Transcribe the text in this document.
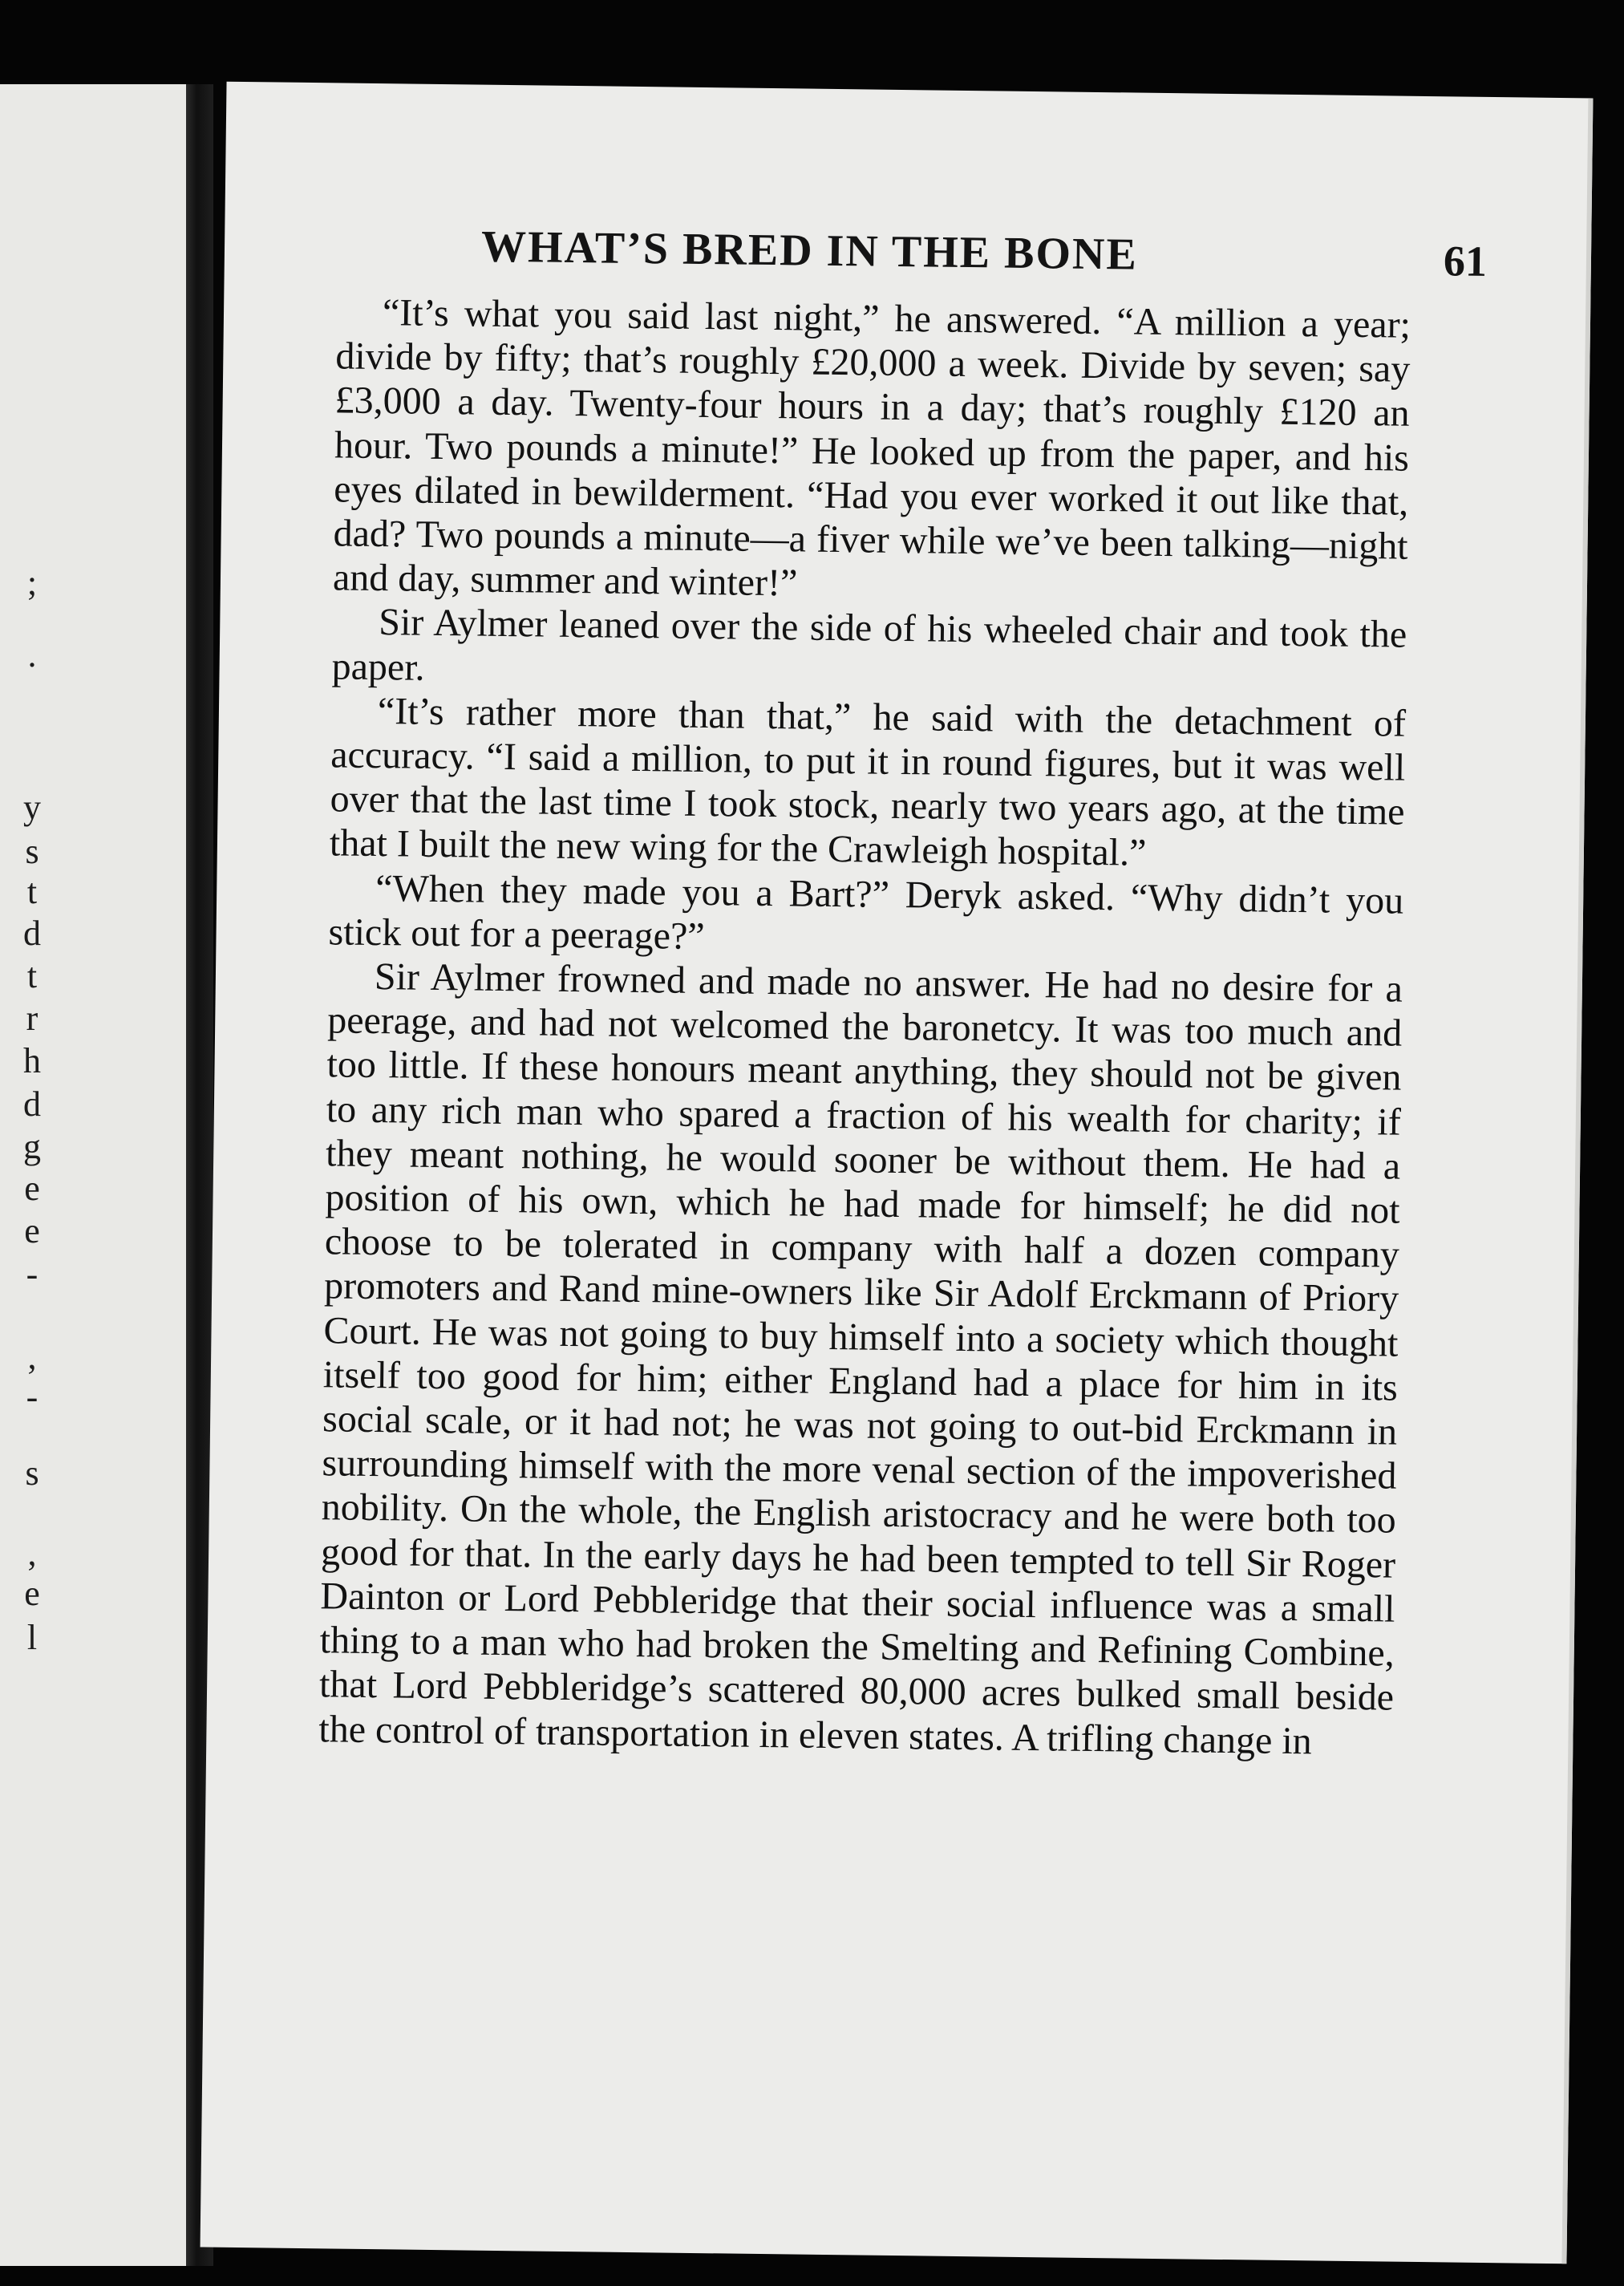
;
.
y
s
t
d
t
r
h
d
g
e
e
-
,
-
s
,
e
l
WHAT’S BRED IN THE BONE	61

“It’s what you said last night,” he answered. “A million a year; divide by fifty; that’s roughly £20,000 a week. Divide by seven; say £3,000 a day. Twenty-four hours in a day; that’s roughly £120 an hour. Two pounds a minute!” He looked up from the paper, and his eyes dilated in bewilderment. “Had you ever worked it out like that, dad? Two pounds a minute—a fiver while we’ve been talking—night and day, summer and winter!”

Sir Aylmer leaned over the side of his wheeled chair and took the paper.

“It’s rather more than that,” he said with the detachment of accuracy. “I said a million, to put it in round figures, but it was well over that the last time I took stock, nearly two years ago, at the time that I built the new wing for the Crawleigh hospital.”

“When they made you a Bart?” Deryk asked. “Why didn’t you stick out for a peerage?”

Sir Aylmer frowned and made no answer. He had no desire for a peerage, and had not welcomed the baronetcy. It was too much and too little. If these honours meant anything, they should not be given to any rich man who spared a fraction of his wealth for charity; if they meant nothing, he would sooner be without them. He had a position of his own, which he had made for himself; he did not choose to be tolerated in company with half a dozen company promoters and Rand mine-owners like Sir Adolf Erckmann of Priory Court. He was not going to buy himself into a society which thought itself too good for him; either England had a place for him in its social scale, or it had not; he was not going to out-bid Erckmann in surrounding himself with the more venal section of the impoverished nobility. On the whole, the English aristocracy and he were both too good for that. In the early days he had been tempted to tell Sir Roger Dainton or Lord Pebbleridge that their social influence was a small thing to a man who had broken the Smelting and Refining Combine, that Lord Pebbleridge’s scattered 80,000 acres bulked small beside the control of transportation in eleven states. A trifling change in
